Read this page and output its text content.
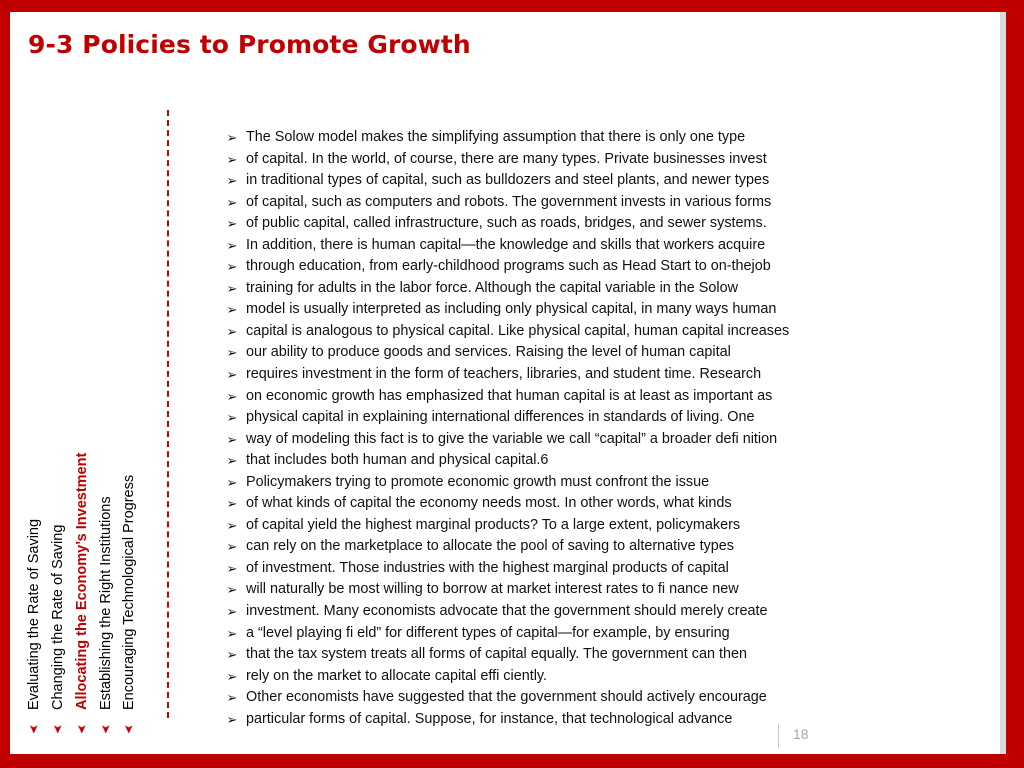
9-3 Policies to Promote Growth
➢ The Solow model makes the simplifying assumption that there is only one type
➢ of capital. In the world, of course, there are many types. Private businesses invest
➢ in traditional types of capital, such as bulldozers and steel plants, and newer types
➢ of capital, such as computers and robots. The government invests in various forms
➢ of public capital, called infrastructure, such as roads, bridges, and sewer systems.
➢ In addition, there is human capital—the knowledge and skills that workers acquire
➢ through education, from early-childhood programs such as Head Start to on-thejob
➢ training for adults in the labor force. Although the capital variable in the Solow
➢ model is usually interpreted as including only physical capital, in many ways human
➢ capital is analogous to physical capital. Like physical capital, human capital increases
➢ our ability to produce goods and services. Raising the level of human capital
➢ requires investment in the form of teachers, libraries, and student time. Research
➢ on economic growth has emphasized that human capital is at least as important as
➢ physical capital in explaining international differences in standards of living. One
➢ way of modeling this fact is to give the variable we call “capital” a broader defi nition
➢ that includes both human and physical capital.6
➢ Policymakers trying to promote economic growth must confront the issue
➢ of what kinds of capital the economy needs most. In other words, what kinds
➢ of capital yield the highest marginal products? To a large extent, policymakers
➢ can rely on the marketplace to allocate the pool of saving to alternative types
➢ of investment. Those industries with the highest marginal products of capital
➢ will naturally be most willing to borrow at market interest rates to fi nance new
➢ investment. Many economists advocate that the government should merely create
➢ a “level playing fi eld” for different types of capital—for example, by ensuring
➢ that the tax system treats all forms of capital equally. The government can then
➢ rely on the market to allocate capital effi ciently.
➢ Other economists have suggested that the government should actively encourage
➢ particular forms of capital. Suppose, for instance, that technological advance
18
➤
Evaluating the Rate of Saving
➤
Changing the Rate of Saving
➤
Allocating the Economy’s Investment
➤
Establishing the Right Institutions
➤
Encouraging Technological Progress
